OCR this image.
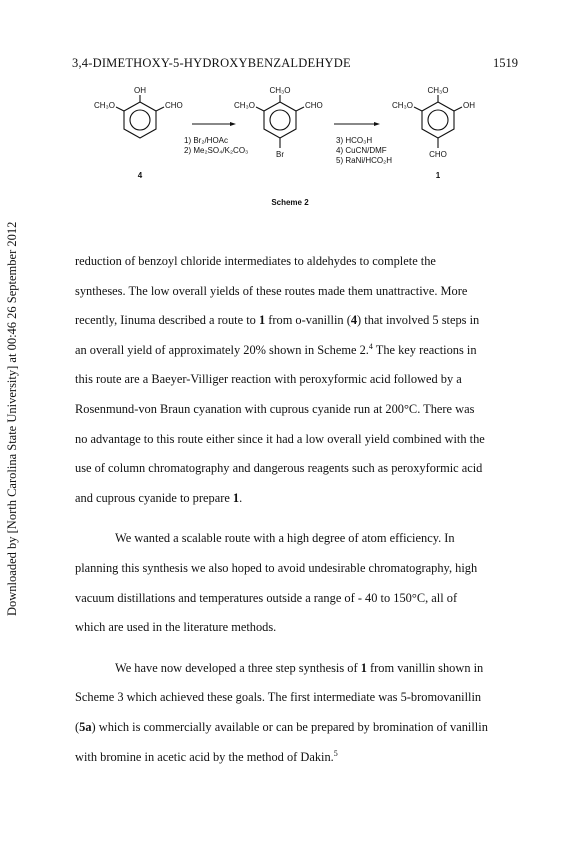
3,4-DIMETHOXY-5-HYDROXYBENZALDEHYDE	1519
Downloaded by [North Carolina State University] at 00:46 26 September 2012
OH
CH₃O	CHO
4
CH₃O
CH₃O	CHO
Br
CH₃O
CH₃O	OH
CHO
1
1) Br₂/HOAc
2) Me₂SO₄/K₂CO₃
3) HCO₃H
4) CuCN/DMF
5) RaNi/HCO₂H
Scheme 2
reduction of benzoyl chloride intermediates to aldehydes to complete the
syntheses. The low overall yields of these routes made them unattractive. More
recently, Iinuma described a route to 1 from o-vanillin (4) that involved 5 steps in
an overall yield of approximately 20% shown in Scheme 2.$^4$ The key reactions in
this route are a Baeyer-Villiger reaction with peroxyformic acid followed by a
Rosenmund-von Braun cyanation with cuprous cyanide run at 200°C. There was
no advantage to this route either since it had a low overall yield combined with the
use of column chromatography and dangerous reagents such as peroxyformic acid
and cuprous cyanide to prepare 1.
We wanted a scalable route with a high degree of atom efficiency. In
planning this synthesis we also hoped to avoid undesirable chromatography, high
vacuum distillations and temperatures outside a range of - 40 to 150°C, all of
which are used in the literature methods.
We have now developed a three step synthesis of 1 from vanillin shown in
Scheme 3 which achieved these goals. The first intermediate was 5-bromovanillin
(5a) which is commercially available or can be prepared by bromination of vanillin
with bromine in acetic acid by the method of Dakin.$^5$
